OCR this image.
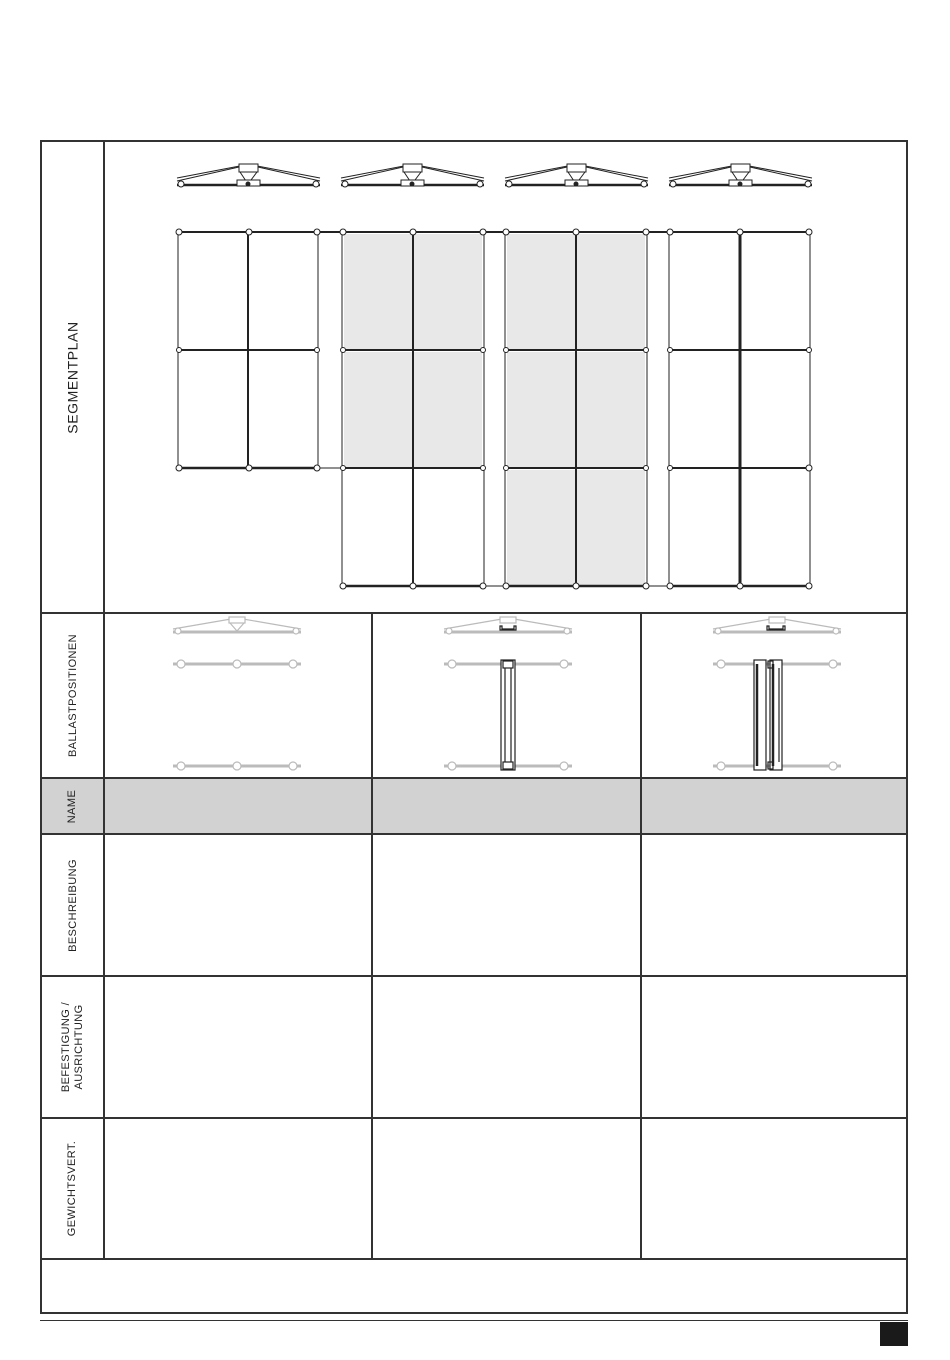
SEGMENTPLAN
BALLASTPOSITIONEN
NAME
BESCHREIBUNG
BEFESTIGUNG / AUSRICHTUNG
GEWICHTSVERT.
